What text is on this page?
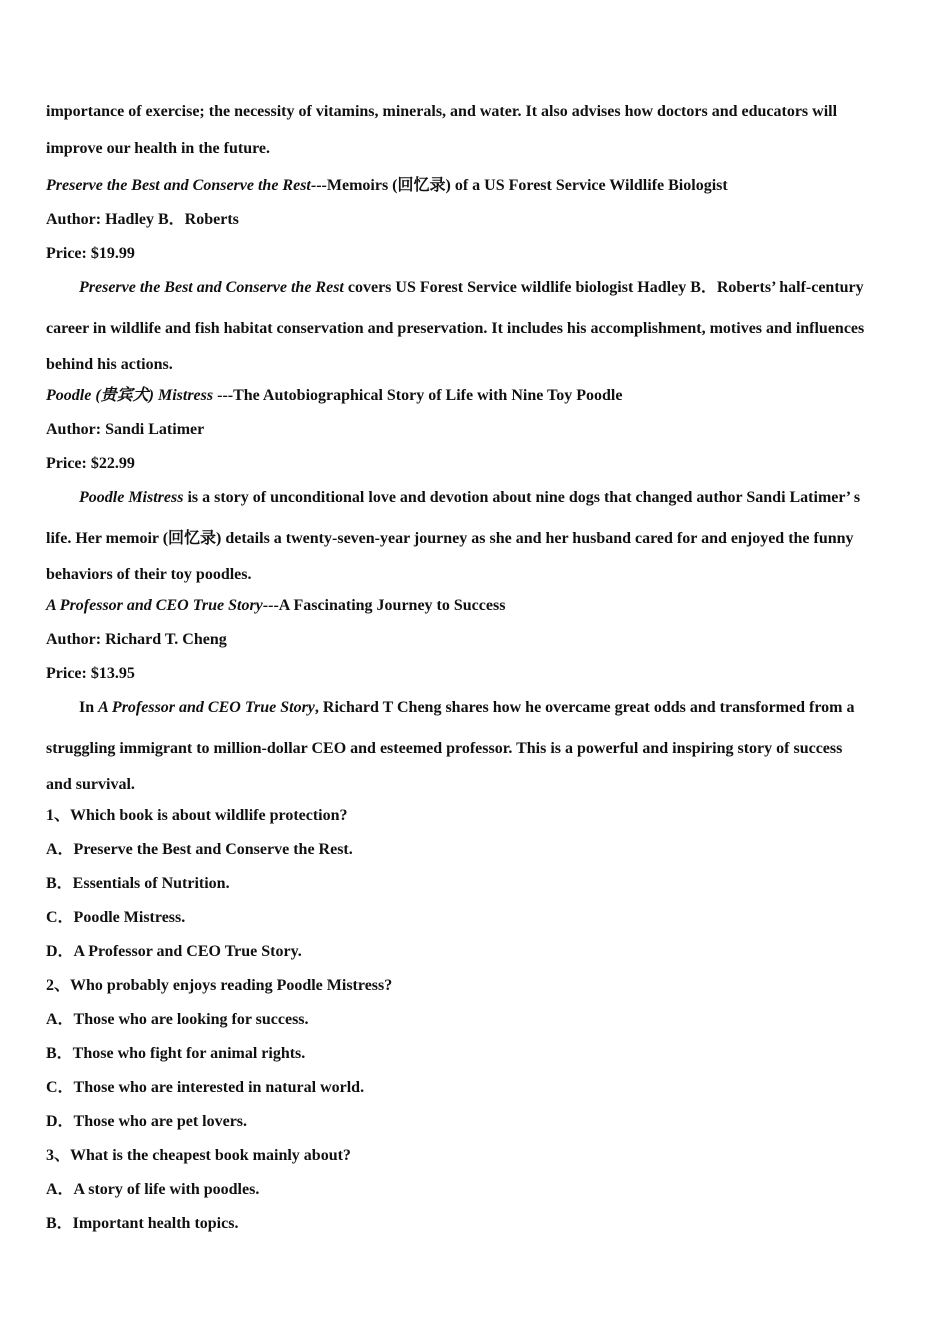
importance of exercise; the necessity of vitamins, minerals, and water. It also advises how doctors and educators will
improve our health in the future.
Preserve the Best and Conserve the Rest---Memoirs (回忆录) of a US Forest Service Wildlife Biologist
Author: Hadley B．Roberts
Price: $19.99
Preserve the Best and Conserve the Rest covers US Forest Service wildlife biologist Hadley B．Roberts’ half-century
career in wildlife and fish habitat conservation and preservation. It includes his accomplishment, motives and influences
behind his actions.
Poodle (贵宾犬) Mistress ---The Autobiographical Story of Life with Nine Toy Poodle
Author: Sandi Latimer
Price: $22.99
Poodle Mistress is a story of unconditional love and devotion about nine dogs that changed author Sandi Latimer’ s
life. Her memoir (回忆录) details a twenty-seven-year journey as she and her husband cared for and enjoyed the funny
behaviors of their toy poodles.
A Professor and CEO True Story---A Fascinating Journey to Success
Author: Richard T. Cheng
Price: $13.95
In A Professor and CEO True Story, Richard T Cheng shares how he overcame great odds and transformed from a
struggling immigrant to million-dollar CEO and esteemed professor. This is a powerful and inspiring story of success
and survival.
1、Which book is about wildlife protection?
A．Preserve the Best and Conserve the Rest.
B．Essentials of Nutrition.
C．Poodle Mistress.
D．A Professor and CEO True Story.
2、Who probably enjoys reading Poodle Mistress?
A．Those who are looking for success.
B．Those who fight for animal rights.
C．Those who are interested in natural world.
D．Those who are pet lovers.
3、What is the cheapest book mainly about?
A．A story of life with poodles.
B．Important health topics.
